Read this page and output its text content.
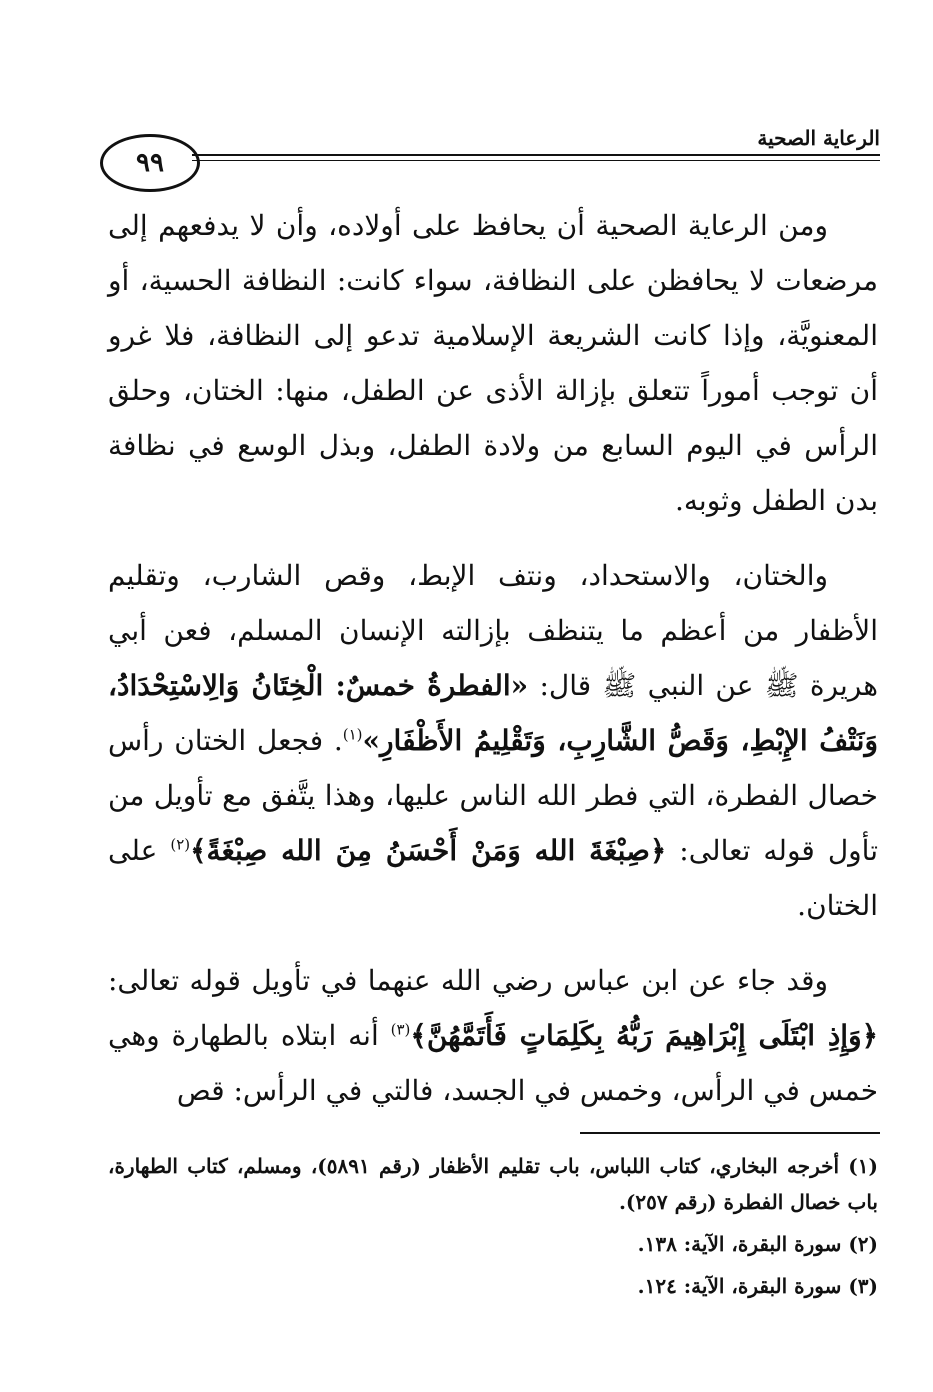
٩٩
الرعاية الصحية

ومن الرعاية الصحية أن يحافظ على أولاده، وأن لا يدفعهم إلى مرضعات لا يحافظن على النظافة، سواء كانت: النظافة الحسية، أو المعنويَّة، وإذا كانت الشريعة الإسلامية تدعو إلى النظافة، فلا غرو أن توجب أموراً تتعلق بإزالة الأذى عن الطفل، منها: الختان، وحلق الرأس في اليوم السابع من ولادة الطفل، وبذل الوسع في نظافة بدن الطفل وثوبه.

والختان، والاستحداد، ونتف الإبط، وقص الشارب، وتقليم الأظفار من أعظم ما يتنظف بإزالته الإنسان المسلم، فعن أبي هريرة ﷺ عن النبي ﷺ قال: «الفطرةُ خمسٌ: الْخِتَانُ وَالِاسْتِحْدَادُ، وَنَتْفُ الإِبْطِ، وَقَصُّ الشَّارِبِ، وَتَقْلِيمُ الأَظْفَارِ»$^{(١)}$. فجعل الختان رأس خصال الفطرة، التي فطر الله الناس عليها، وهذا يتَّفق مع تأويل من تأول قوله تعالى: ﴿صِبْغَةَ الله وَمَنْ أَحْسَنُ مِنَ الله صِبْغَةً﴾$^{(٢)}$ على الختان.

وقد جاء عن ابن عباس رضي الله عنهما في تأويل قوله تعالى: ﴿وَإِذِ ابْتَلَى إِبْرَاهِيمَ رَبُّهُ بِكَلِمَاتٍ فَأَتَمَّهُنَّ﴾$^{(٣)}$ أنه ابتلاه بالطهارة وهي خمس في الرأس، وخمس في الجسد، فالتي في الرأس: قص

(١) أخرجه البخاري، كتاب اللباس، باب تقليم الأظفار (رقم ٥٨٩١)، ومسلم، كتاب الطهارة، باب خصال الفطرة (رقم ٢٥٧).

(٢) سورة البقرة، الآية: ١٣٨.

(٣) سورة البقرة، الآية: ١٢٤.
